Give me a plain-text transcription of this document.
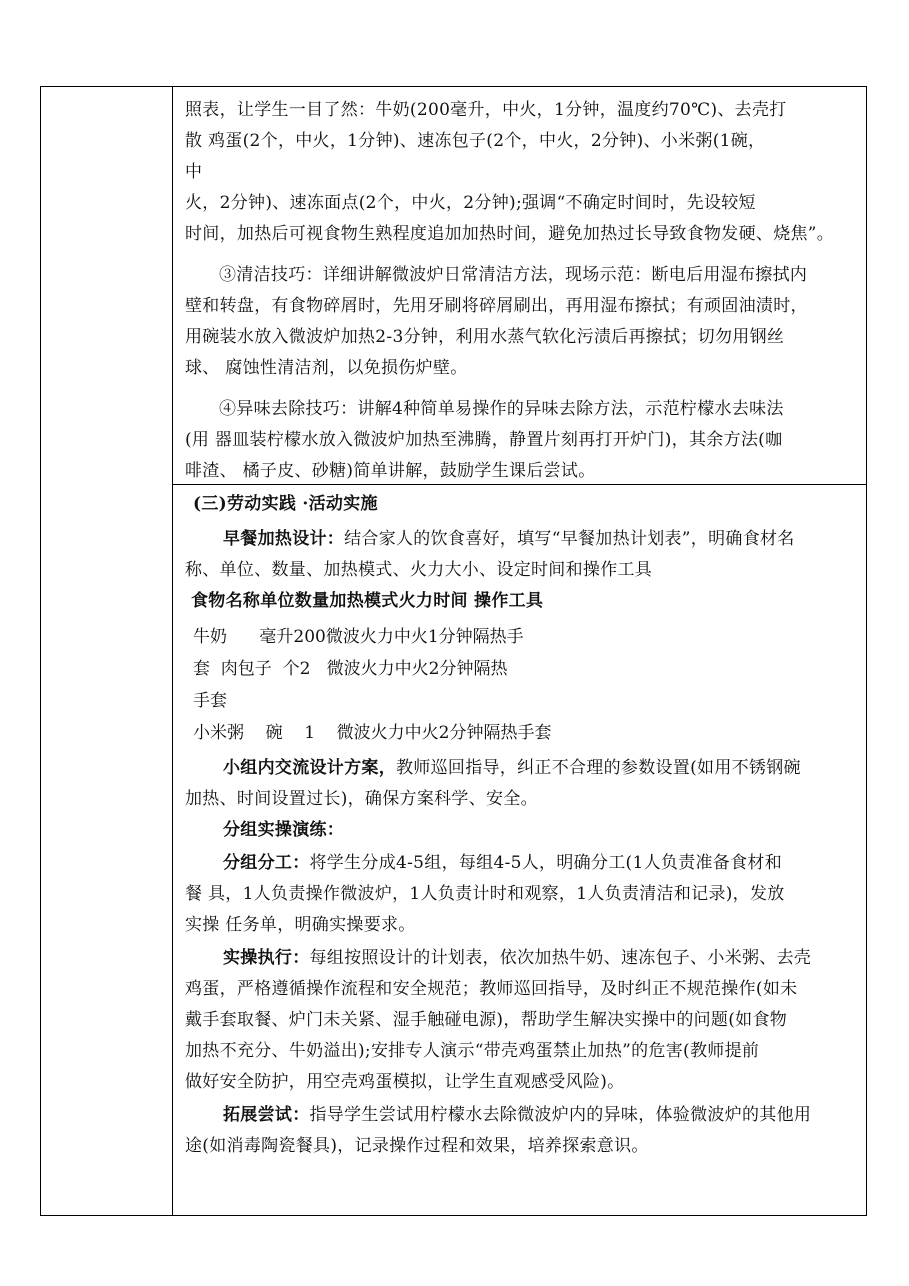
照表，让学生一目了然：牛奶(200毫升，中火，1分钟，温度约70℃)、去壳打

散 鸡蛋(2个，中火，1分钟)、速冻包子(2个，中火，2分钟)、小米粥(1碗，

中

火，2分钟)、速冻面点(2个，中火，2分钟);强调“不确定时间时，先设较短

时间，加热后可视食物生熟程度追加加热时间，避免加热过长导致食物发硬、烧焦”。

③清洁技巧：详细讲解微波炉日常清洁方法，现场示范：断电后用湿布擦拭内

壁和转盘，有食物碎屑时，先用牙刷将碎屑刷出，再用湿布擦拭；有顽固油渍时，

用碗装水放入微波炉加热2-3分钟，利用水蒸气软化污渍后再擦拭；切勿用钢丝

球、 腐蚀性清洁剂，以免损伤炉壁。

④异味去除技巧：讲解4种简单易操作的异味去除方法，示范柠檬水去味法

(用 器皿装柠檬水放入微波炉加热至沸腾，静置片刻再打开炉门)，其余方法(咖

啡渣、 橘子皮、砂糖)简单讲解，鼓励学生课后尝试。

(三)劳动实践 ·活动实施

早餐加热设计：结合家人的饮食喜好，填写“早餐加热计划表”，明确食材名

称、单位、数量、加热模式、火力大小、设定时间和操作工具

食物名称单位数量加热模式火力时间 操作工具

牛奶      毫升200微波火力中火1分钟隔热手

套  肉包子  个2   微波火力中火2分钟隔热

手套

小米粥    碗    1    微波火力中火2分钟隔热手套

小组内交流设计方案，教师巡回指导，纠正不合理的参数设置(如用不锈钢碗

加热、时间设置过长)，确保方案科学、安全。

分组实操演练：

分组分工：将学生分成4-5组，每组4-5人，明确分工(1人负责准备食材和

餐 具，1人负责操作微波炉，1人负责计时和观察，1人负责清洁和记录)，发放

实操 任务单，明确实操要求。

实操执行：每组按照设计的计划表，依次加热牛奶、速冻包子、小米粥、去壳

鸡蛋，严格遵循操作流程和安全规范；教师巡回指导，及时纠正不规范操作(如未

戴手套取餐、炉门未关紧、湿手触碰电源)，帮助学生解决实操中的问题(如食物

加热不充分、牛奶溢出);安排专人演示“带壳鸡蛋禁止加热”的危害(教师提前

做好安全防护，用空壳鸡蛋模拟，让学生直观感受风险)。

拓展尝试：指导学生尝试用柠檬水去除微波炉内的异味，体验微波炉的其他用

途(如消毒陶瓷餐具)，记录操作过程和效果，培养探索意识。
